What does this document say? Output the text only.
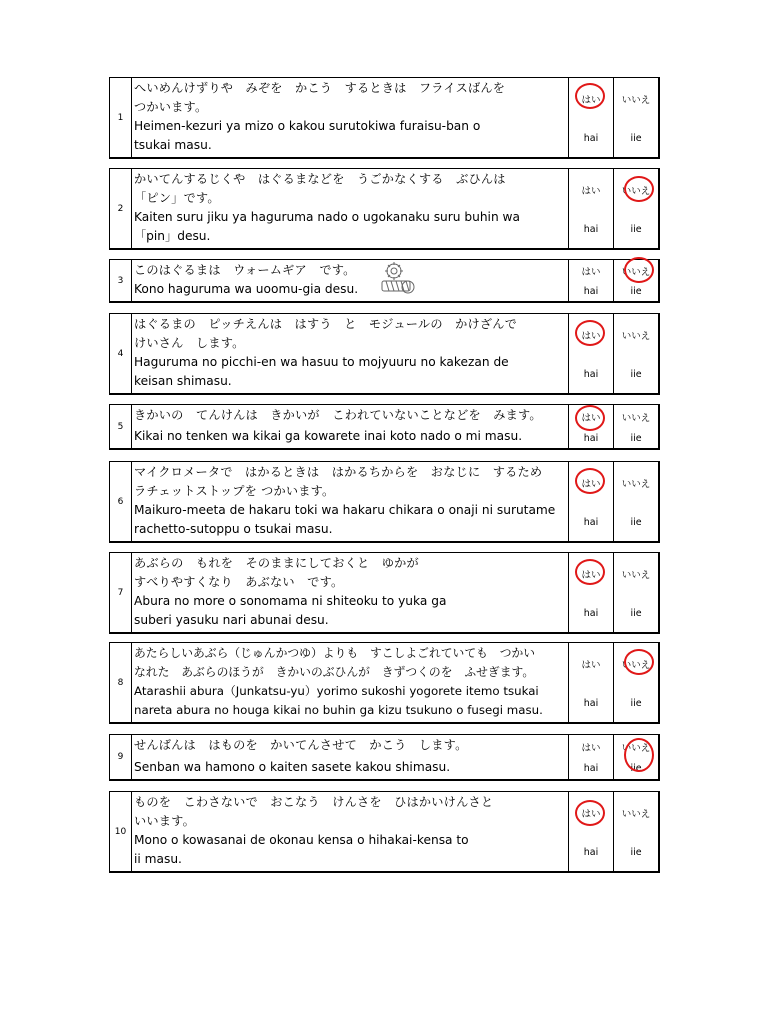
1
へいめんけずりや　みぞを　かこう　するときは　フライスばんを
つかいます。
Heimen-kezuri ya mizo o kakou surutokiwa furaisu-ban o
tsukai masu.
はい
hai
いいえ
iie
2
かいてんするじくや　はぐるまなどを　うごかなくする　ぶひんは
「ピン」です。
Kaiten suru jiku ya haguruma nado o ugokanaku suru buhin wa
「pin」desu.
はい
hai
いいえ
iie
3
このはぐるまは　ウォームギア　です。
Kono haguruma wa uoomu-gia desu.
はい
hai
いいえ
iie
4
はぐるまの　ピッチえんは　はすう　と　モジュールの　かけざんで
けいさん　します。
Haguruma no picchi-en wa hasuu to mojyuuru no kakezan de
keisan shimasu.
はい
hai
いいえ
iie
5
きかいの　てんけんは　きかいが　こわれていないことなどを　みます。
Kikai no tenken wa kikai ga kowarete inai koto nado o mi masu.
はい
hai
いいえ
iie
6
マイクロメータで　はかるときは　はかるちからを　おなじに　するため
ラチェットストップを つかいます。
Maikuro-meeta de hakaru toki wa hakaru chikara o onaji ni surutame
rachetto-sutoppu o tsukai masu.
はい
hai
いいえ
iie
7
あぶらの　もれを　そのままにしておくと　ゆかが
すべりやすくなり　あぶない　です。
Abura no more o sonomama ni shiteoku to yuka ga
suberi yasuku nari abunai desu.
はい
hai
いいえ
iie
8
あたらしいあぶら（じゅんかつゆ）よりも　すこしよごれていても　つかい
なれた　あぶらのほうが　きかいのぶひんが　きずつくのを　ふせぎます。
Atarashii abura（Junkatsu-yu）yorimo sukoshi yogorete itemo tsukai
nareta abura no houga kikai no buhin ga kizu tsukuno o fusegi masu.
はい
hai
いいえ
iie
9
せんばんは　はものを　かいてんさせて　かこう　します。
Senban wa hamono o kaiten sasete kakou shimasu.
はい
hai
いいえ
iie
10
ものを　こわさないで　おこなう　けんさを　ひはかいけんさと
いいます。
Mono o kowasanai de okonau kensa o hihakai-kensa to
ii masu.
はい
hai
いいえ
iie
